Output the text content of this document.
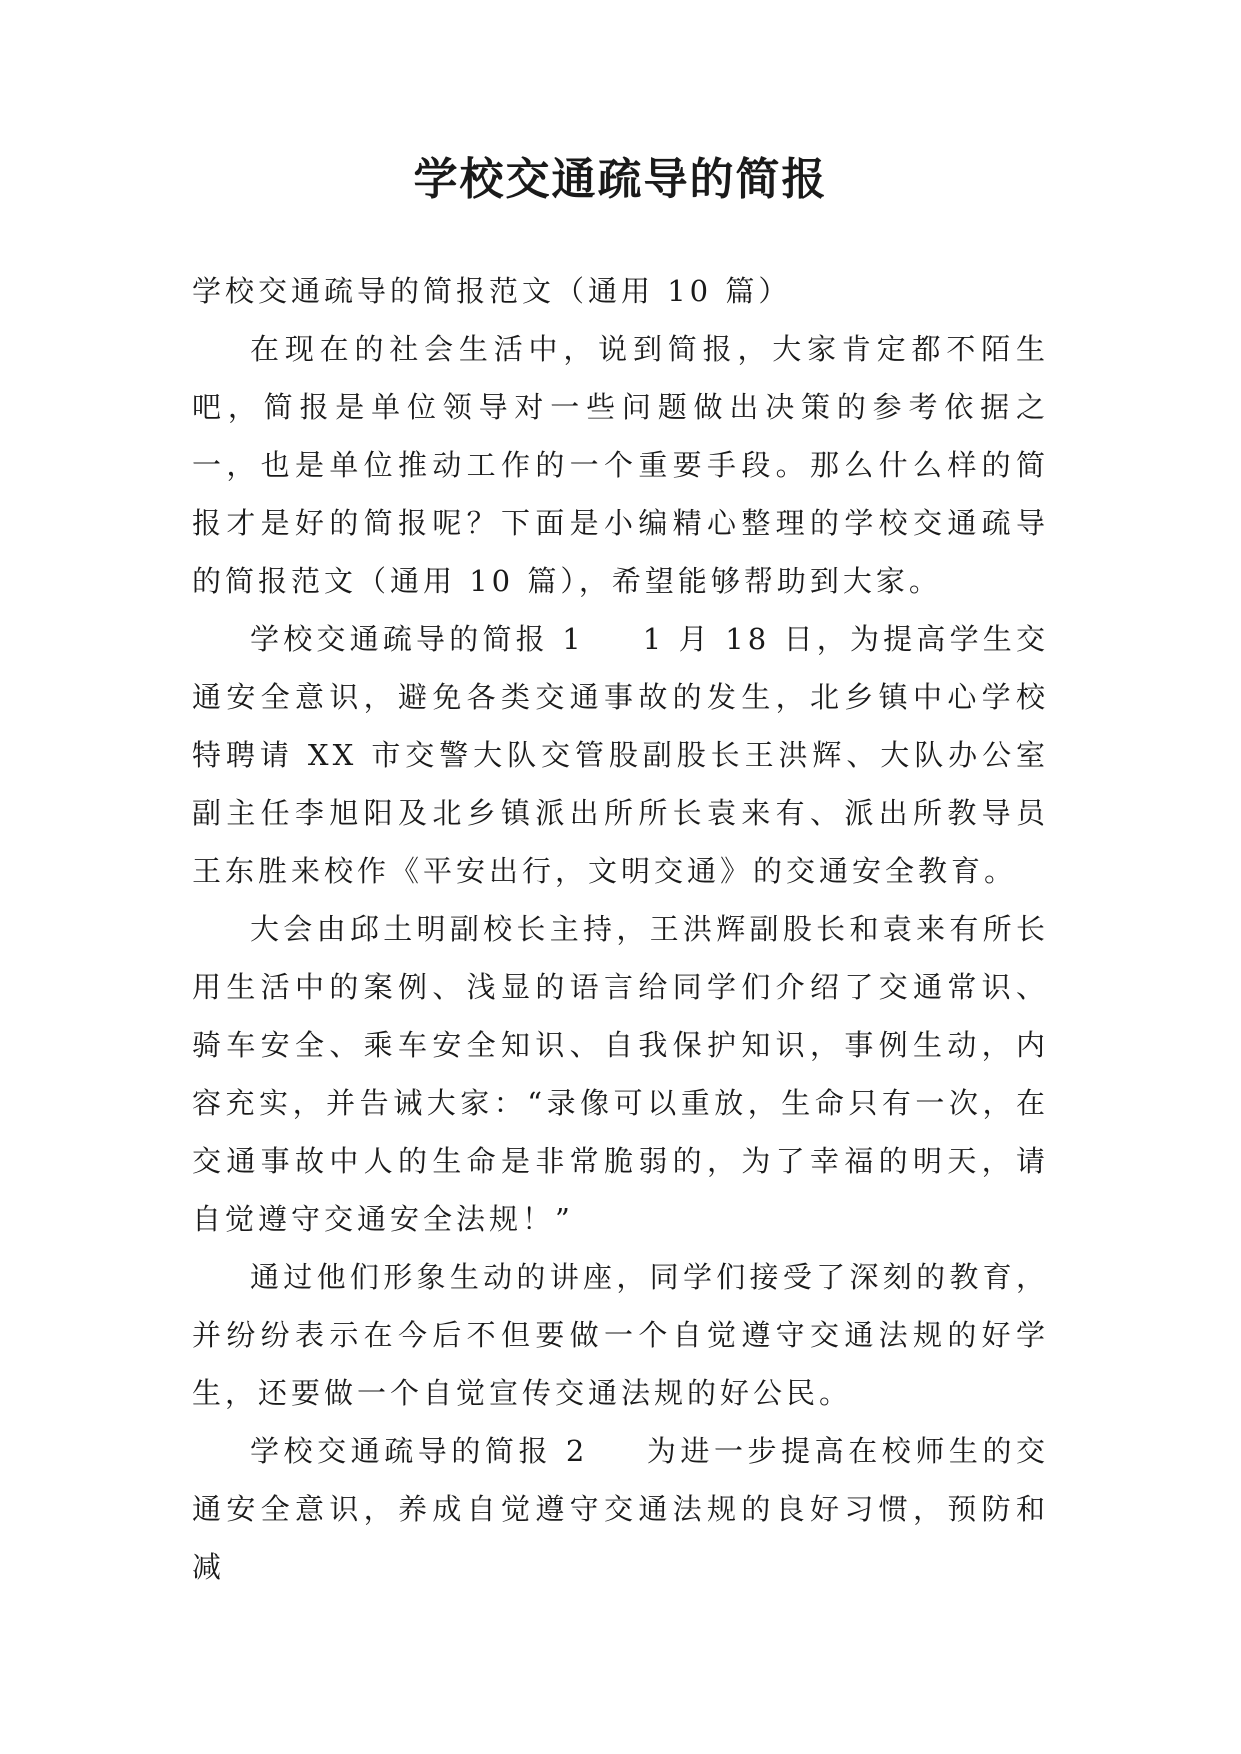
学校交通疏导的简报

学校交通疏导的简报范文（通用 10 篇）

在现在的社会生活中，说到简报，大家肯定都不陌生吧，简报是单位领导对一些问题做出决策的参考依据之一，也是单位推动工作的一个重要手段。那么什么样的简报才是好的简报呢？下面是小编精心整理的学校交通疏导的简报范文（通用 10 篇），希望能够帮助到大家。

学校交通疏导的简报 1 1 月 18 日，为提高学生交通安全意识，避免各类交通事故的发生，北乡镇中心学校特聘请 XX 市交警大队交管股副股长王洪辉、大队办公室副主任李旭阳及北乡镇派出所所长袁来有、派出所教导员王东胜来校作《平安出行，文明交通》的交通安全教育。

大会由邱土明副校长主持，王洪辉副股长和袁来有所长用生活中的案例、浅显的语言给同学们介绍了交通常识、骑车安全、乘车安全知识、自我保护知识，事例生动，内容充实，并告诫大家：“录像可以重放，生命只有一次，在交通事故中人的生命是非常脆弱的，为了幸福的明天，请自觉遵守交通安全法规！”

通过他们形象生动的讲座，同学们接受了深刻的教育，并纷纷表示在今后不但要做一个自觉遵守交通法规的好学生，还要做一个自觉宣传交通法规的好公民。

学校交通疏导的简报 2 为进一步提高在校师生的交通安全意识，养成自觉遵守交通法规的良好习惯，预防和减
